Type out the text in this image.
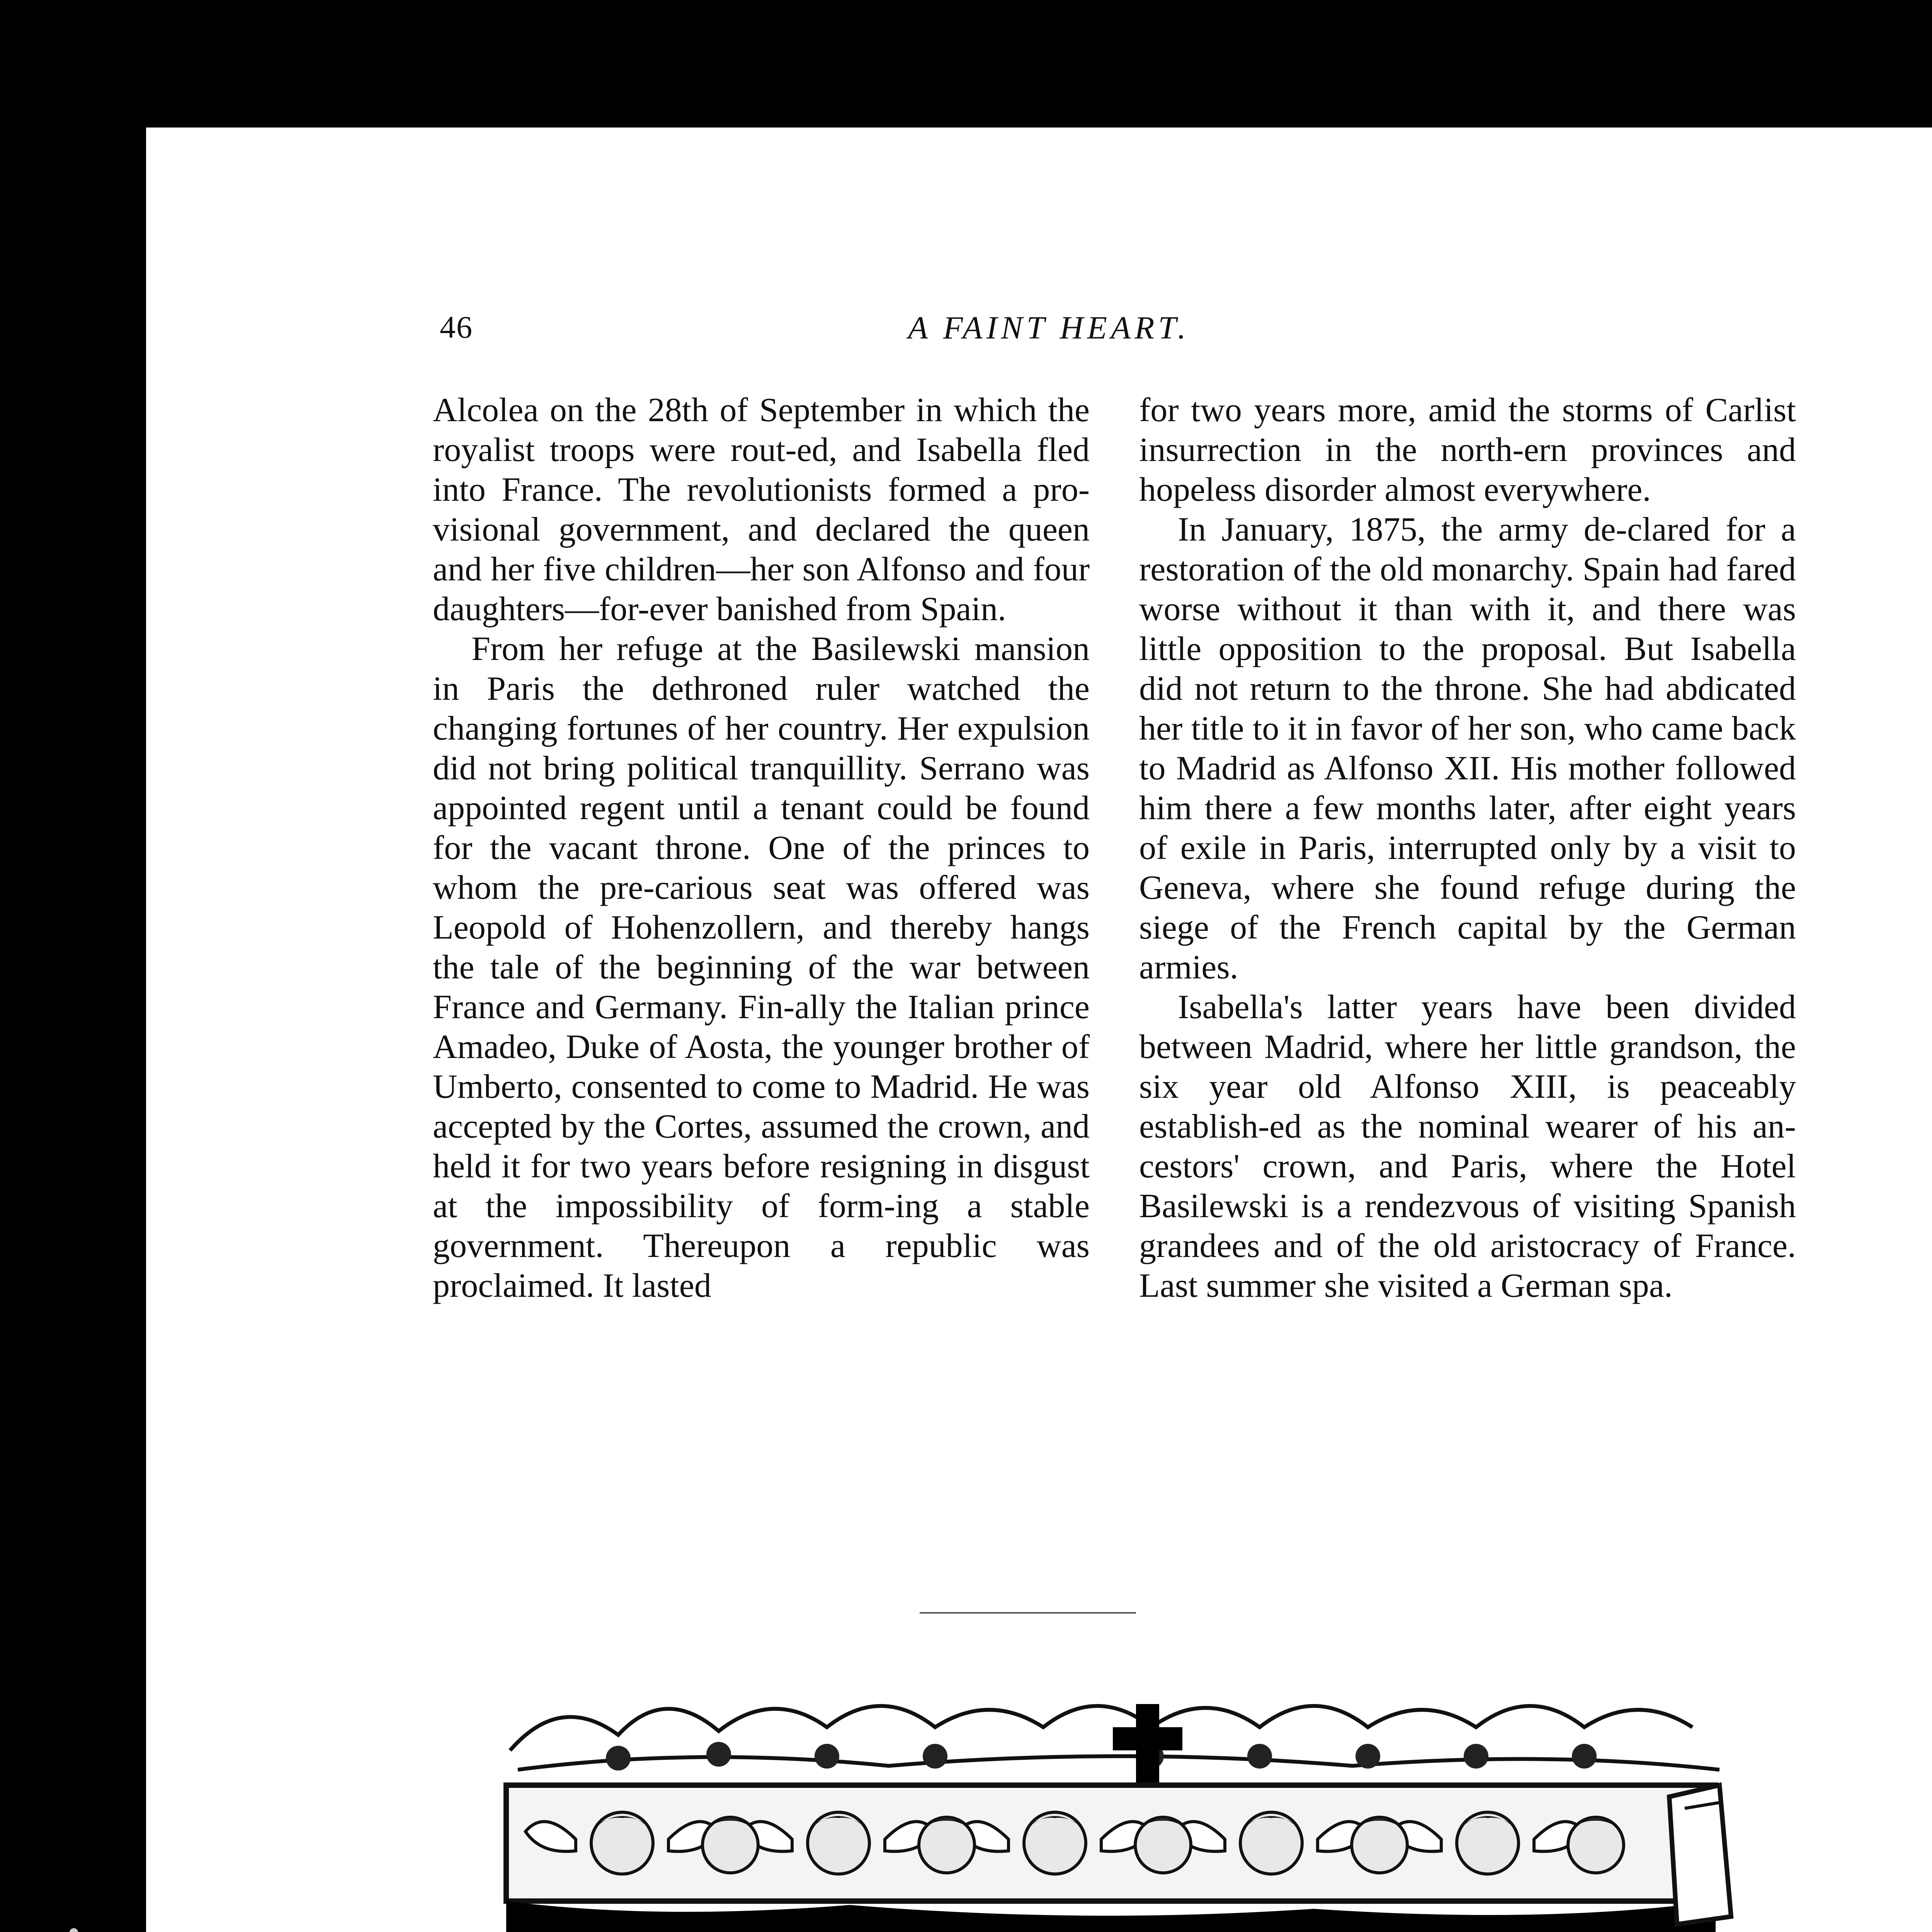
46	A FAINT HEART.

Alcolea on the 28th of September in which the royalist troops were rout-ed, and Isabella fled into France. The revolutionists formed a pro-visional government, and declared the queen and her five children—her son Alfonso and four daughters—for-ever banished from Spain.

From her refuge at the Basilewski mansion in Paris the dethroned ruler watched the changing fortunes of her country. Her expulsion did not bring political tranquillity. Serrano was appointed regent until a tenant could be found for the vacant throne. One of the princes to whom the pre-carious seat was offered was Leopold of Hohenzollern, and thereby hangs the tale of the beginning of the war between France and Germany. Fin-ally the Italian prince Amadeo, Duke of Aosta, the younger brother of Umberto, consented to come to Madrid. He was accepted by the Cortes, assumed the crown, and held it for two years before resigning in disgust at the impossibility of form-ing a stable government. Thereupon a republic was proclaimed. It lasted

for two years more, amid the storms of Carlist insurrection in the north-ern provinces and hopeless disorder almost everywhere.

In January, 1875, the army de-clared for a restoration of the old monarchy. Spain had fared worse without it than with it, and there was little opposition to the proposal. But Isabella did not return to the throne. She had abdicated her title to it in favor of her son, who came back to Madrid as Alfonso XII. His mother followed him there a few months later, after eight years of exile in Paris, interrupted only by a visit to Geneva, where she found refuge during the siege of the French capital by the German armies.

Isabella's latter years have been divided between Madrid, where her little grandson, the six year old Alfonso XIII, is peaceably establish-ed as the nominal wearer of his an-cestors' crown, and Paris, where the Hotel Basilewski is a rendezvous of visiting Spanish grandees and of the old aristocracy of France. Last summer she visited a German spa.
